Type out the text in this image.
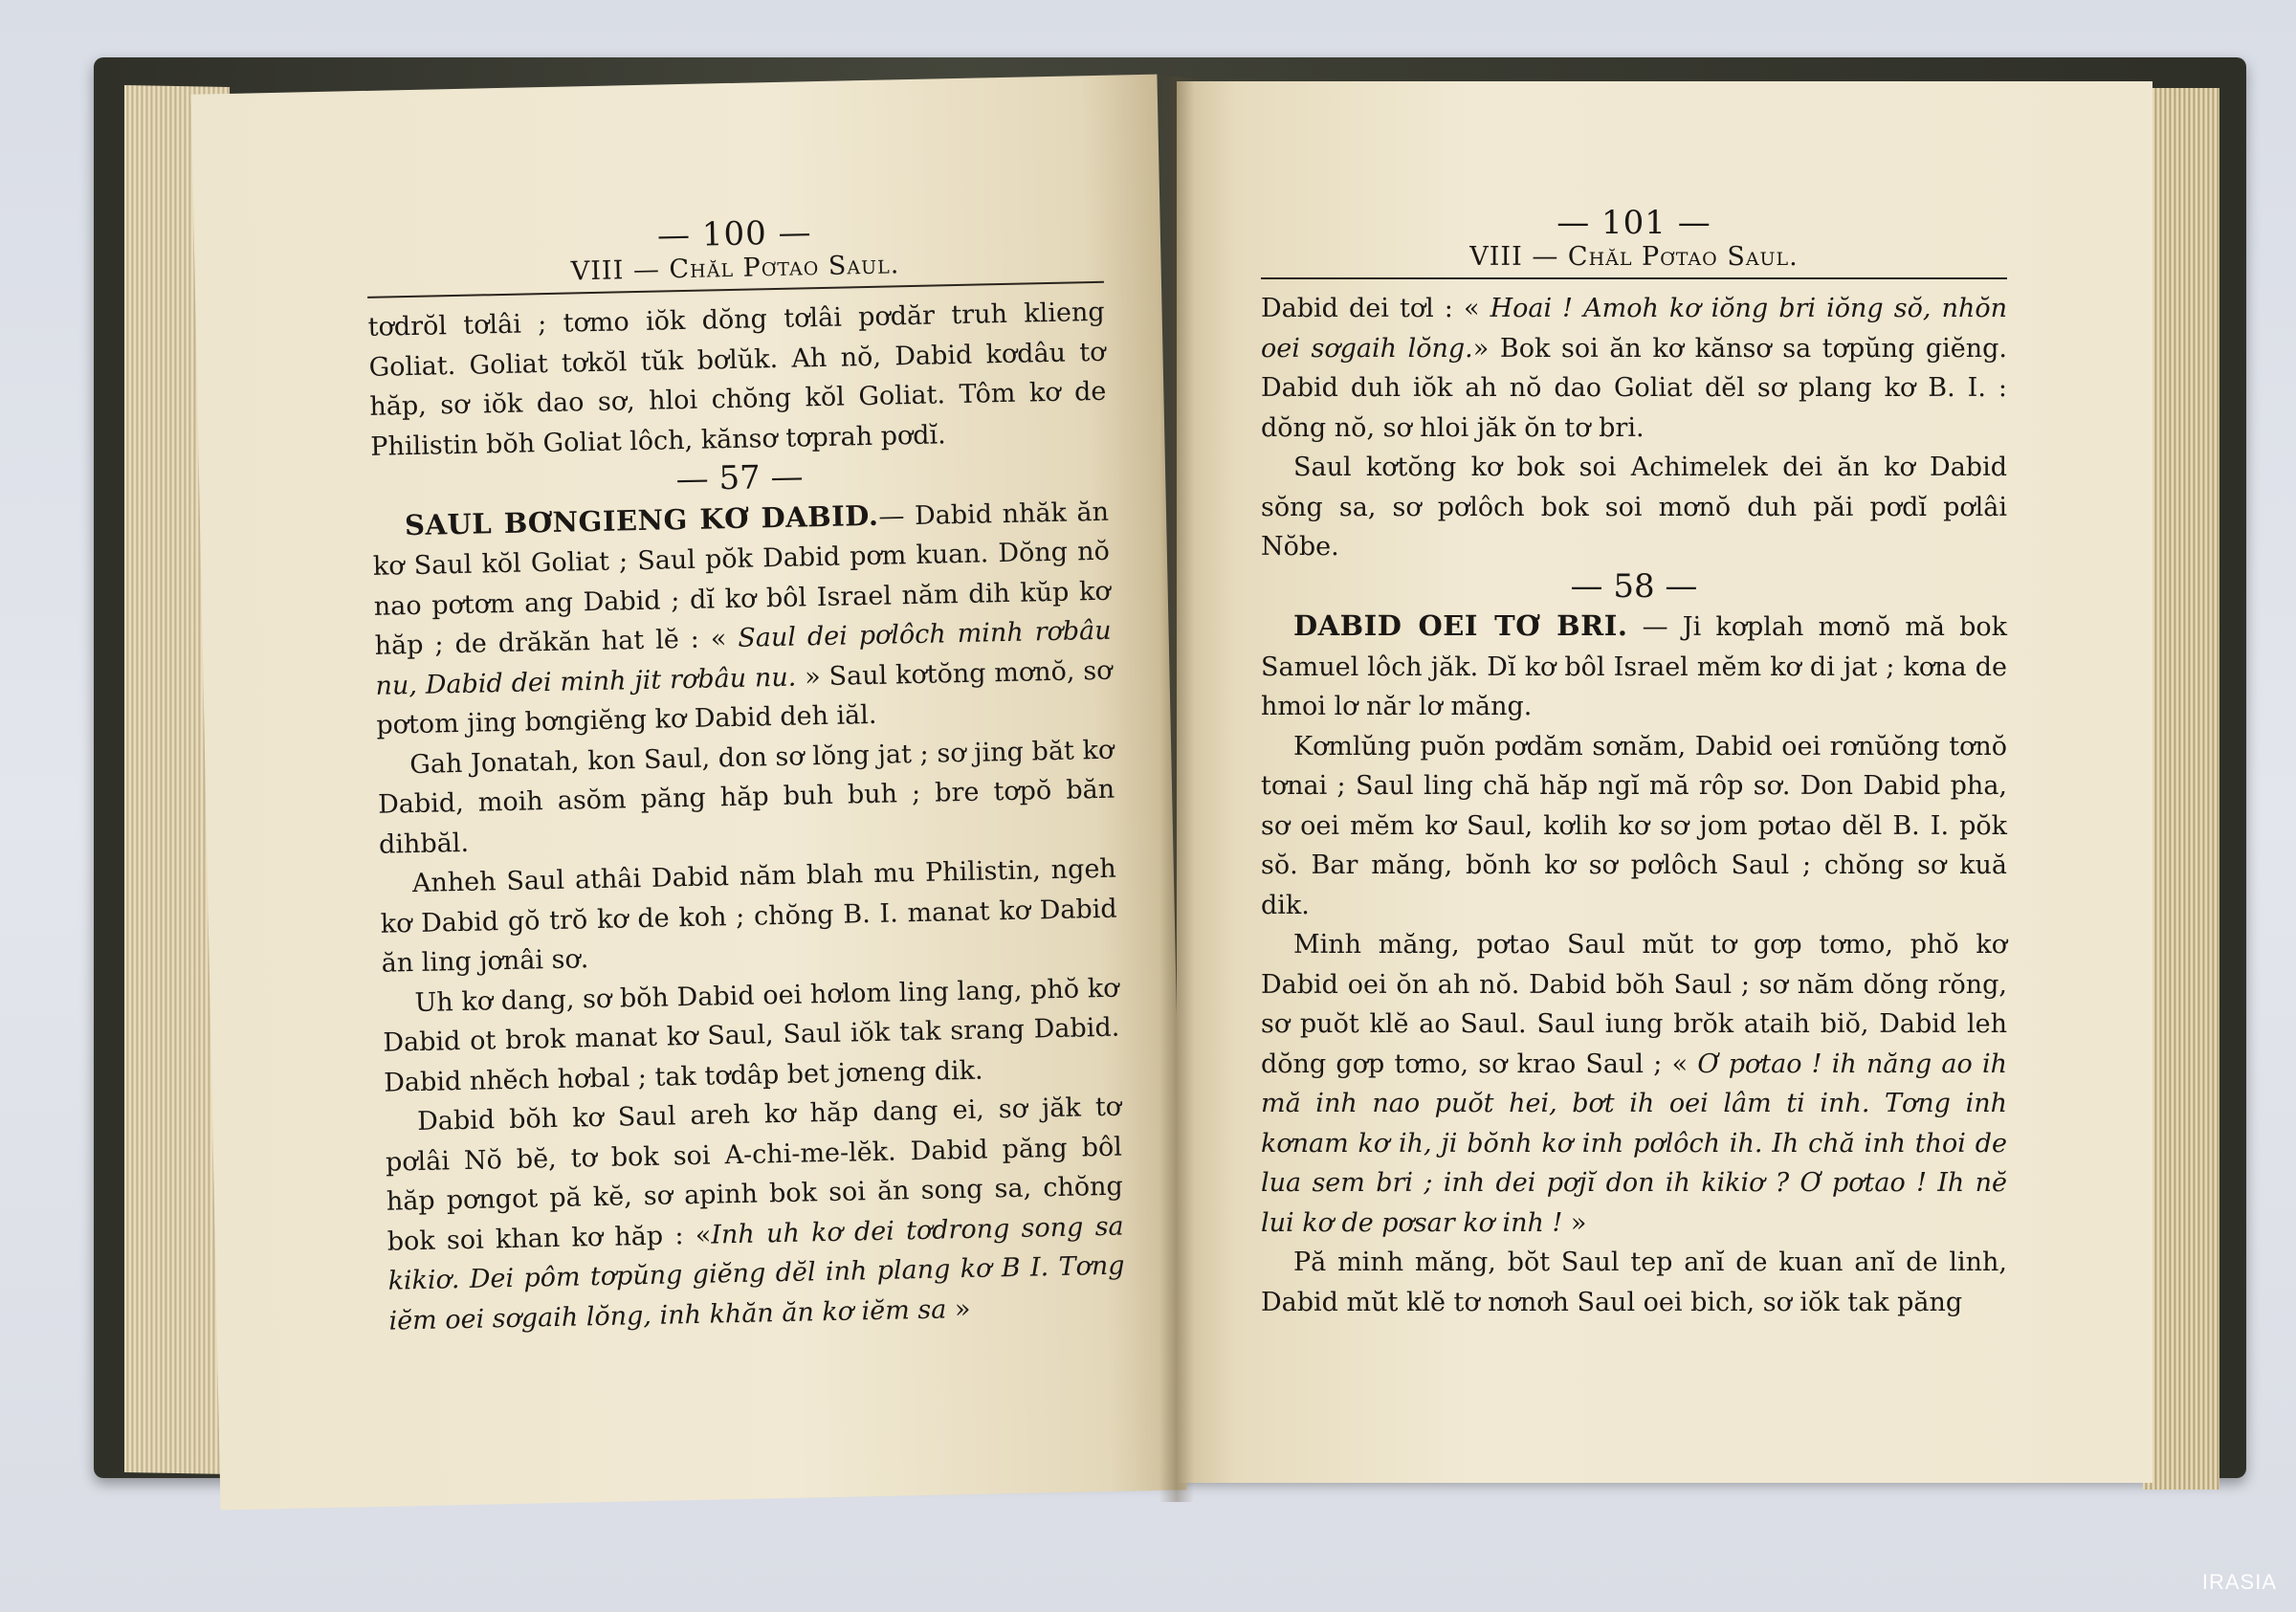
— 100 —

VIII — Chăl Pơtao Saul.

tơdrŏl tơlâi ; tơmo iŏk dŏng tơlâi pơdăr truh klieng Goliat. Goliat tơkŏl tŭk bơlŭk. Ah nŏ, Dabid kơdâu tơ hăp, sơ iŏk dao sơ, hloi chŏng kŏl Goliat. Tôm kơ de Philistin bŏh Goliat lôch, kănsơ tơprah pơdĭ.

— 57 —

SAUL BƠNGIENG KƠ DABID.— Dabid nhăk ăn kơ Saul kŏl Goliat ; Saul pŏk Dabid pơm kuan. Dŏng nŏ nao pơtơm ang Dabid ; dĭ kơ bôl Israel năm dih kŭp kơ hăp ; de drăkăn hat lĕ : « Saul dei pơlôch minh rơbâu nu, Dabid dei minh jit rơbâu nu. » Saul kơtŏng mơnŏ, sơ pơtom jing bơngiĕng kơ Dabid deh iăl.

Gah Jonatah, kon Saul, don sơ lŏng jat ; sơ jing băt kơ Dabid, moih asŏm păng hăp buh buh ; bre tơpŏ băn dihbăl.

Anheh Saul athâi Dabid năm blah mu Philistin, ngeh kơ Dabid gŏ trŏ kơ de koh ; chŏng B. I. manat kơ Dabid ăn ling jơnâi sơ.

Uh kơ dang, sơ bŏh Dabid oei hơlom ling lang, phŏ kơ Dabid ot brok manat kơ Saul, Saul iŏk tak srang Dabid. Dabid nhĕch hơbal ; tak tơdâp bet jơneng dik.

Dabid bŏh kơ Saul areh kơ hăp dang ei, sơ jăk tơ pơlâi Nŏ bĕ, tơ bok soi A-chi-me-lĕk. Dabid păng bôl hăp pơngot pă kĕ, sơ apinh bok soi ăn song sa, chŏng bok soi khan kơ hăp : «Inh uh kơ dei tơdrong song sa kikiơ. Dei pôm tơpŭng giĕng dĕl inh plang kơ B I. Tơng iĕm oei sơgaih lŏng, inh khăn ăn kơ iĕm sa »

— 101 —

VIII — Chăl Pơtao Saul.

Dabid dei tơl : « Hoai ! Amoh kơ iŏng bri iŏng sŏ, nhŏn oei sơgaih lŏng.» Bok soi ăn kơ kănsơ sa tơpŭng giĕng. Dabid duh iŏk ah nŏ dao Goliat dĕl sơ plang kơ B. I. : dŏng nŏ, sơ hloi jăk ŏn tơ bri.

Saul kơtŏng kơ bok soi Achimelek dei ăn kơ Dabid sŏng sa, sơ pơlôch bok soi mơnŏ duh păi pơdĭ pơlâi Nŏbe.

— 58 —

DABID OEI TƠ BRI. — Ji kơplah mơnŏ mă bok Samuel lôch jăk. Dĭ kơ bôl Israel mĕm kơ di jat ; kơna de hmoi lơ năr lơ măng.

Kơmlŭng puŏn pơdăm sơnăm, Dabid oei rơnŭŏng tơnŏ tơnai ; Saul ling chă hăp ngĭ mă rôp sơ. Don Dabid pha, sơ oei mĕm kơ Saul, kơlih kơ sơ jom pơtao dĕl B. I. pŏk sŏ. Bar măng, bŏnh kơ sơ pơlôch Saul ; chŏng sơ kuă dik.

Minh măng, pơtao Saul mŭt tơ gơp tơmo, phŏ kơ Dabid oei ŏn ah nŏ. Dabid bŏh Saul ; sơ năm dŏng rŏng, sơ puŏt klĕ ao Saul. Saul iung brŏk ataih biŏ, Dabid leh dŏng gơp tơmo, sơ krao Saul ; « Ơ pơtao ! ih năng ao ih mă inh nao puŏt hei, bơt ih oei lâm ti inh. Tơng inh kơnam kơ ih, ji bŏnh kơ inh pơlôch ih. Ih chă inh thoi de lua sem bri ; inh dei pơjĭ don ih kikiơ ? Ơ pơtao ! Ih nĕ lui kơ de pơsar kơ inh ! »

Pă minh măng, bŏt Saul tep anĭ de kuan anĭ de linh, Dabid mŭt klĕ tơ nơnơh Saul oei bich, sơ iŏk tak păng

IRASIA
